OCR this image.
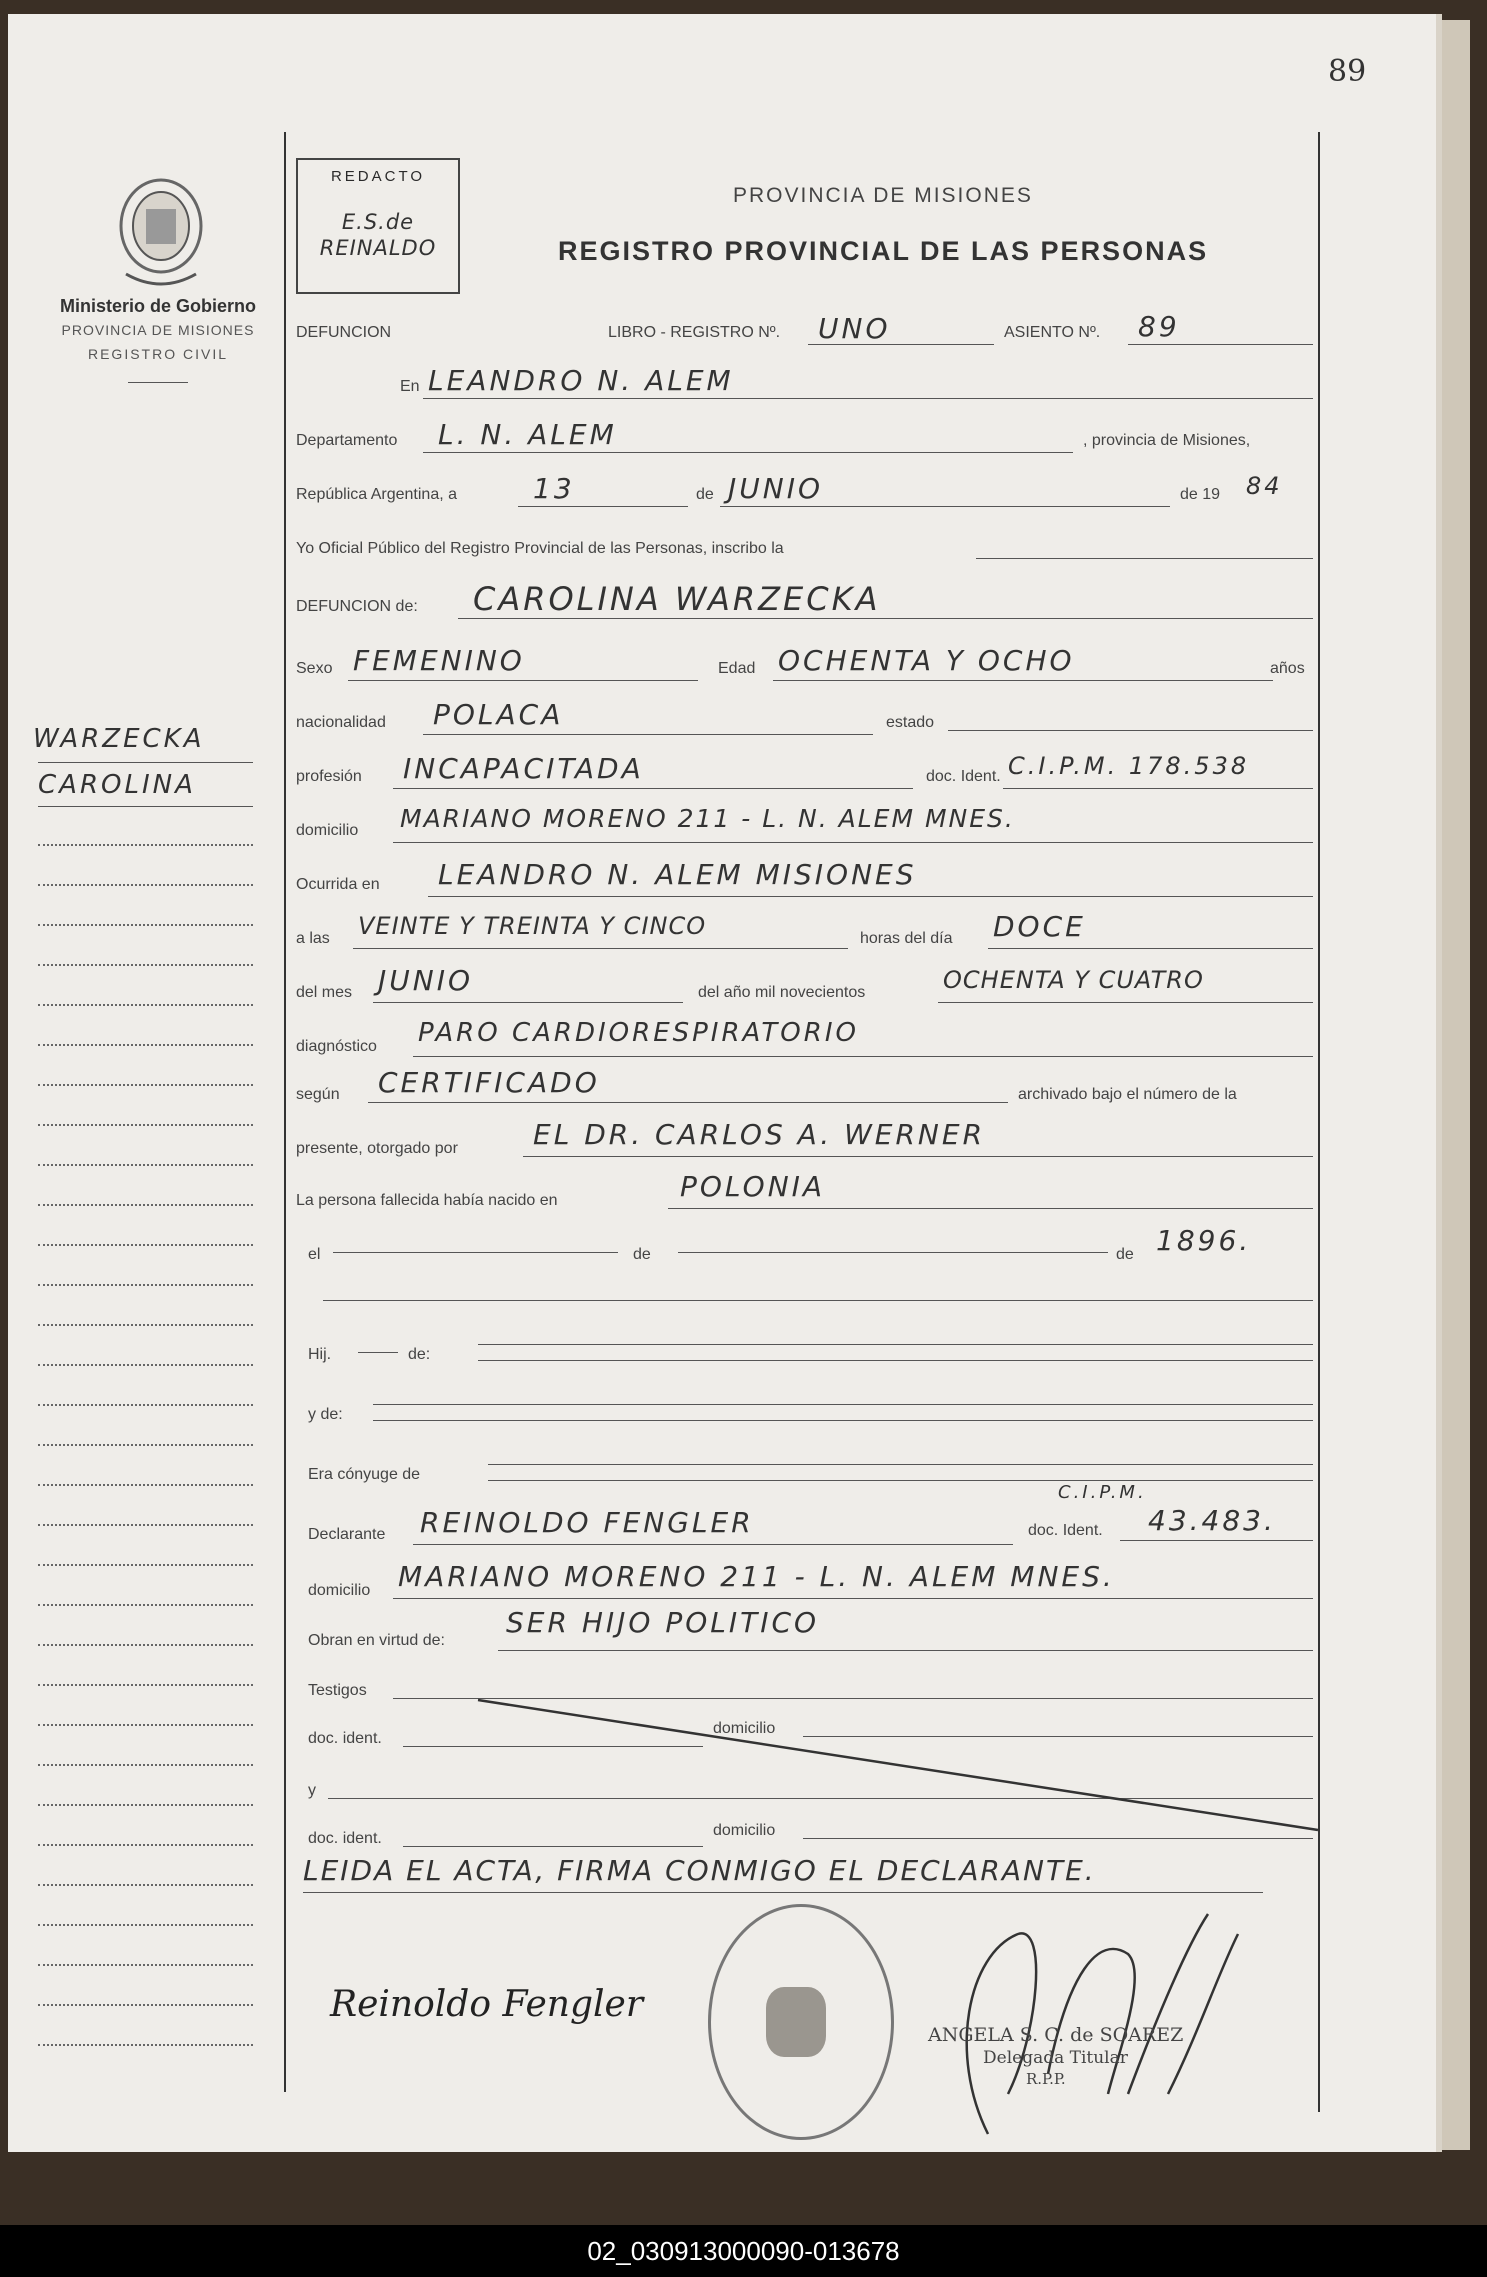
89
Ministerio de Gobierno
PROVINCIA DE MISIONES
REGISTRO CIVIL
WARZECKA
CAROLINA
REDACTO
E.S.de REINALDO
PROVINCIA DE MISIONES
REGISTRO PROVINCIAL DE LAS PERSONAS
DEFUNCION	LIBRO - REGISTRO Nº. UNO	ASIENTO Nº. 89
En LEANDRO N. ALEM
Departamento L. N. ALEM	, provincia de Misiones,
República Argentina, a	13	de JUNIO	de 19 84
Yo Oficial Público del Registro Provincial de las Personas, inscribo la
DEFUNCION de: CAROLINA WARZECKA
Sexo FEMENINO	Edad OCHENTA Y OCHO	años
nacionalidad POLACA	estado
profesión INCAPACITADA	doc. Ident. C.I.P.M. 178.538
domicilio MARIANO MORENO 211 - L. N. ALEM MNES.
Ocurrida en LEANDRO N. ALEM MISIONES
a las VEINTE Y TREINTA Y CINCO	horas del día DOCE
del mes JUNIO	del año mil novecientos	OCHENTA Y CUATRO
diagnóstico PARO CARDIORESPIRATORIO
según CERTIFICADO	archivado bajo el número de la
presente, otorgado por	EL DR. CARLOS A. WERNER
La persona fallecida había nacido en	POLONIA
el	de	de 1896.
Hij.	de:
y de:
Era cónyuge de
Declarante REINOLDO FENGLER	doc. Ident.
C.I.P.M.
43.483.
domicilio MARIANO MORENO 211 - L. N. ALEM MNES.
Obran en virtud de:
SER HIJO POLITICO
Testigos
doc. ident.
domicilio
y
doc. ident.	domicilio
LEIDA EL ACTA, FIRMA CONMIGO EL DECLARANTE.
Reinoldo Fengler
ANGELA S. C. de SOAREZ
Delegada Titular
R.P.P.
02_030913000090-013678
